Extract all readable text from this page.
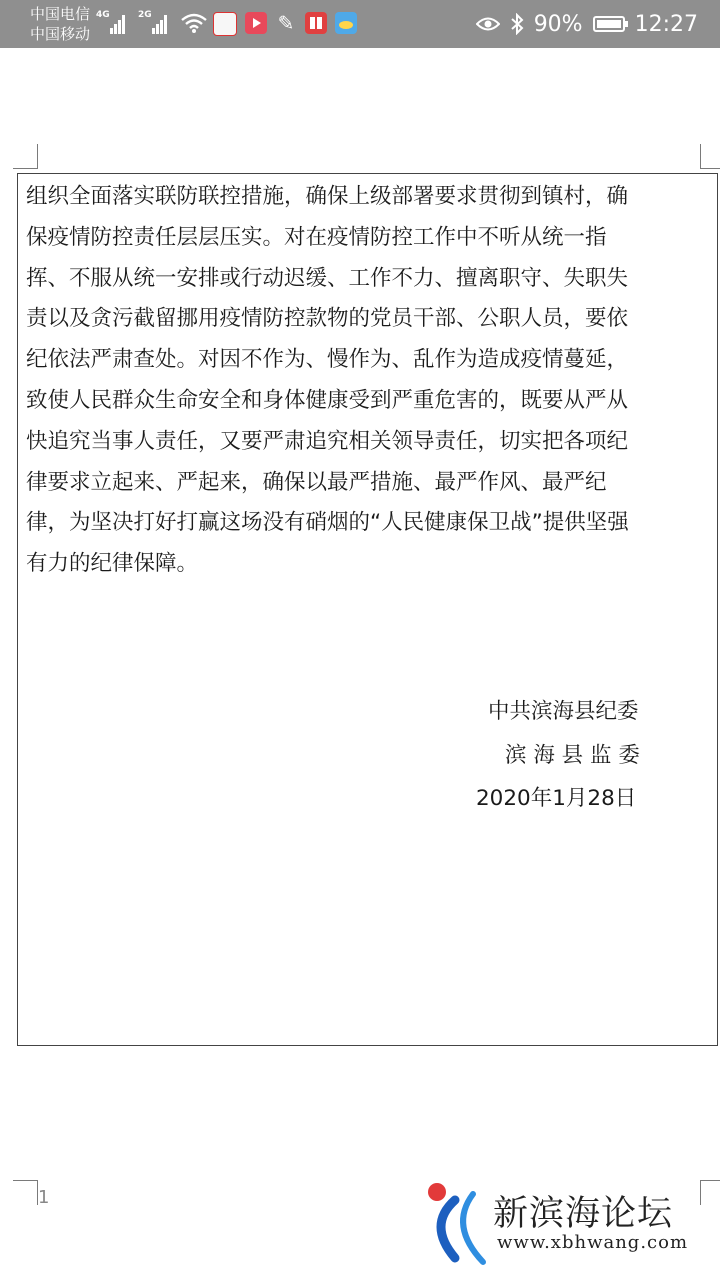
中国电信
中国移动
4G	2G	✎	90% 12:27

组织全面落实联防联控措施，确保上级部署要求贯彻到镇村，确
保疫情防控责任层层压实。对在疫情防控工作中不听从统一指
挥、不服从统一安排或行动迟缓、工作不力、擅离职守、失职失
责以及贪污截留挪用疫情防控款物的党员干部、公职人员，要依
纪依法严肃查处。对因不作为、慢作为、乱作为造成疫情蔓延，
致使人民群众生命安全和身体健康受到严重危害的，既要从严从
快追究当事人责任，又要严肃追究相关领导责任，切实把各项纪
律要求立起来、严起来，确保以最严措施、最严作风、最严纪
律，为坚决打好打赢这场没有硝烟的“人民健康保卫战”提供坚强
有力的纪律保障。

中共滨海县纪委
滨 海 县 监 委
2020年1月28日
1	新滨海论坛
www.xbhwang.com
